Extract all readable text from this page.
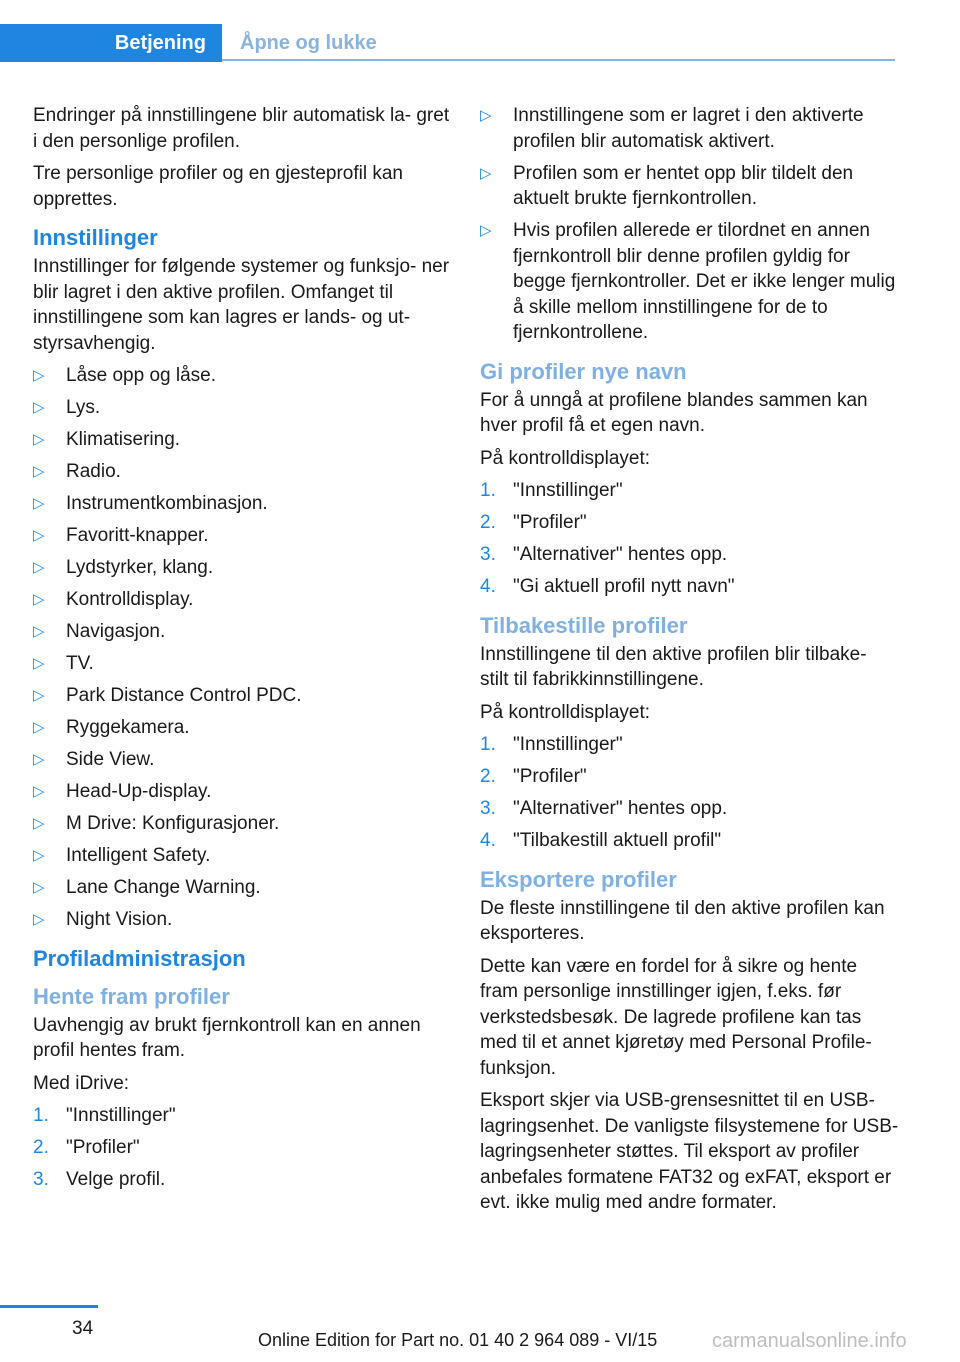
Betjening Åpne og lukke

Endringer på innstillingene blir automatisk la‐ gret i den personlige profilen.

Tre personlige profiler og en gjesteprofil kan opprettes.

Innstillinger

Innstillinger for følgende systemer og funksjo‐ ner blir lagret i den aktive profilen. Omfanget til innstillingene som kan lagres er lands- og ut‐ styrsavhengig.

▷ Låse opp og låse.
▷ Lys.
▷ Klimatisering.
▷ Radio.
▷ Instrumentkombinasjon.
▷ Favoritt-knapper.
▷ Lydstyrker, klang.
▷ Kontrolldisplay.
▷ Navigasjon.
▷ TV.
▷ Park Distance Control PDC.
▷ Ryggekamera.
▷ Side View.
▷ Head-Up-display.
▷ M Drive: Konfigurasjoner.
▷ Intelligent Safety.
▷ Lane Change Warning.
▷ Night Vision.
Profiladministrasjon
Hente fram profiler

Uavhengig av brukt fjernkontroll kan en annen profil hentes fram.

Med iDrive:

1. "Innstillinger"
2. "Profiler"
3. Velge profil.
▷ Innstillingene som er lagret i den aktiverte profilen blir automatisk aktivert.
▷ Profilen som er hentet opp blir tildelt den aktuelt brukte fjernkontrollen.
▷ Hvis profilen allerede er tilordnet en annen fjernkontroll blir denne profilen gyldig for begge fjernkontroller. Det er ikke lenger mulig å skille mellom innstillingene for de to fjernkontrollene.
Gi profiler nye navn

For å unngå at profilene blandes sammen kan hver profil få et egen navn.

På kontrolldisplayet:

1. "Innstillinger"
2. "Profiler"
3. "Alternativer" hentes opp.
4. "Gi aktuell profil nytt navn"
Tilbakestille profiler

Innstillingene til den aktive profilen blir tilbake‐ stilt til fabrikkinnstillingene.

På kontrolldisplayet:

1. "Innstillinger"
2. "Profiler"
3. "Alternativer" hentes opp.
4. "Tilbakestill aktuell profil"
Eksportere profiler

De fleste innstillingene til den aktive profilen kan eksporteres.

Dette kan være en fordel for å sikre og hente fram personlige innstillinger igjen, f.eks. før verkstedsbesøk. De lagrede profilene kan tas med til et annet kjøretøy med Personal Profile-funksjon.

Eksport skjer via USB-grensesnittet til en USB-lagringsenhet. De vanligste filsystemene for USB-lagringsenheter støttes. Til eksport av profiler anbefales formatene FAT32 og exFAT, eksport er evt. ikke mulig med andre formater.

34
Online Edition for Part no. 01 40 2 964 089 - VI/15	carmanualsonline.info
